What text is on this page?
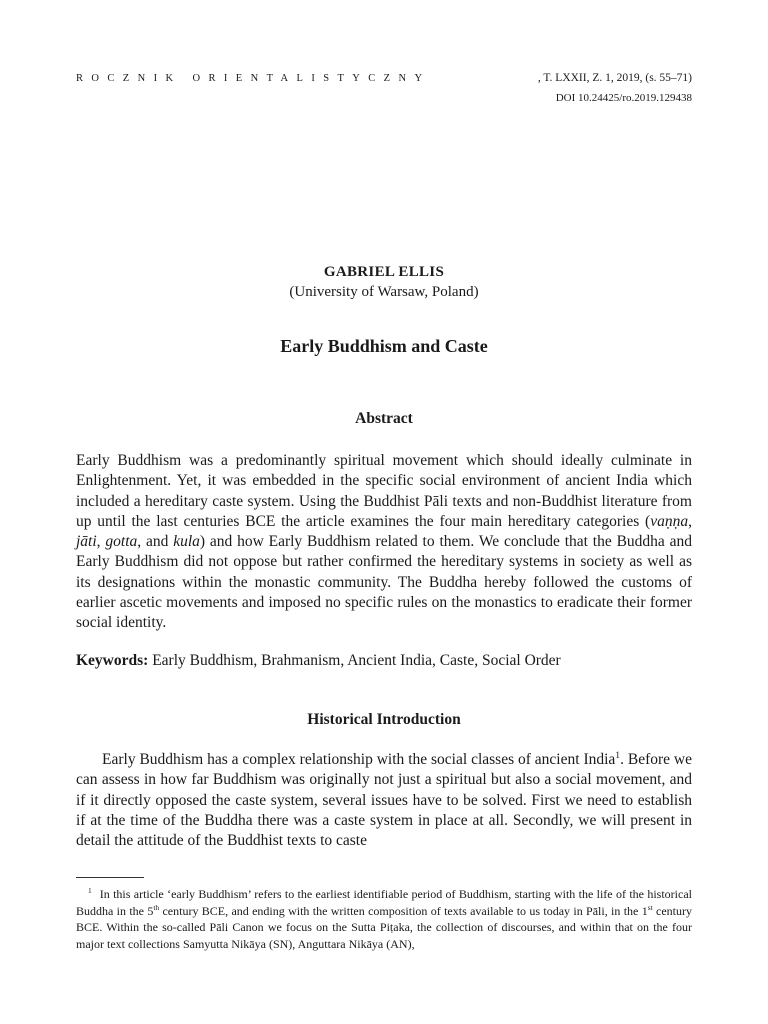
ROCZNIK ORIENTALISTYCZNY	, T. LXXII, Z. 1, 2019, (s. 55–71)
DOI 10.24425/ro.2019.129438
GABRIEL ELLIS
(University of Warsaw, Poland)
Early Buddhism and Caste
Abstract
Early Buddhism was a predominantly spiritual movement which should ideally culminate in Enlightenment. Yet, it was embedded in the specific social environment of ancient India which included a hereditary caste system. Using the Buddhist Pāli texts and non-Buddhist literature from up until the last centuries BCE the article examines the four main hereditary categories (vaṇṇa, jāti, gotta, and kula) and how Early Buddhism related to them. We conclude that the Buddha and Early Buddhism did not oppose but rather confirmed the hereditary systems in society as well as its designations within the monastic community. The Buddha hereby followed the customs of earlier ascetic movements and imposed no specific rules on the monastics to eradicate their former social identity.
Keywords: Early Buddhism, Brahmanism, Ancient India, Caste, Social Order
Historical Introduction
Early Buddhism has a complex relationship with the social classes of ancient India$^1$. Before we can assess in how far Buddhism was originally not just a spiritual but also a social movement, and if it directly opposed the caste system, several issues have to be solved. First we need to establish if at the time of the Buddha there was a caste system in place at all. Secondly, we will present in detail the attitude of the Buddhist texts to caste
$^1$ In this article ‘early Buddhism’ refers to the earliest identifiable period of Buddhism, starting with the life of the historical Buddha in the 5th century BCE, and ending with the written composition of texts available to us today in Pāli, in the 1st century BCE. Within the so-called Pāli Canon we focus on the Sutta Piṭaka, the collection of discourses, and within that on the four major text collections Samyutta Nikāya (SN), Anguttara Nikāya (AN),
